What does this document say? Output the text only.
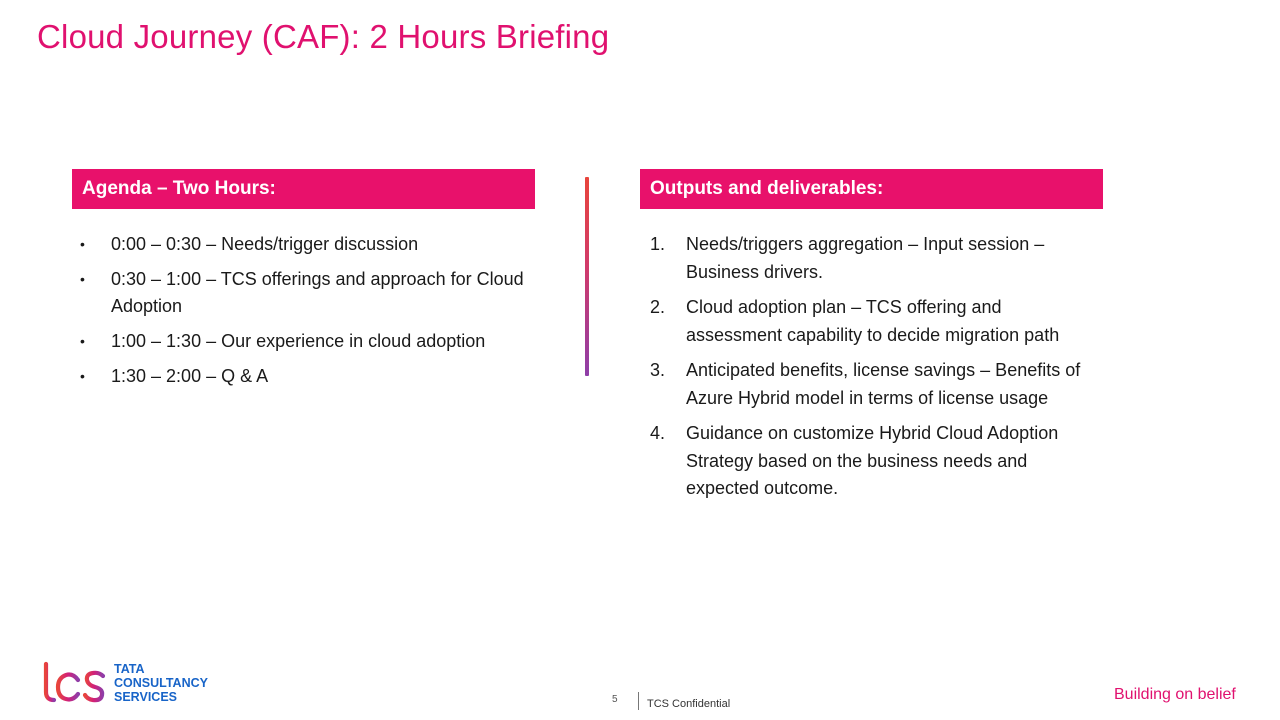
Cloud Journey (CAF): 2 Hours Briefing
Agenda – Two Hours:
• 0:00 – 0:30 – Needs/trigger discussion
• 0:30 – 1:00 – TCS offerings and approach for Cloud Adoption
• 1:00 – 1:30 – Our experience in cloud adoption
• 1:30 – 2:00 – Q & A
Outputs and deliverables:
1. Needs/triggers aggregation – Input session – Business drivers.
2. Cloud adoption plan – TCS offering and assessment capability to decide migration path
3. Anticipated benefits, license savings – Benefits of Azure Hybrid model in terms of license usage
4. Guidance on customize Hybrid Cloud Adoption Strategy based on the business needs and expected outcome.
TATA
CONSULTANCY
SERVICES	5	TCS Confidential
Building on belief
